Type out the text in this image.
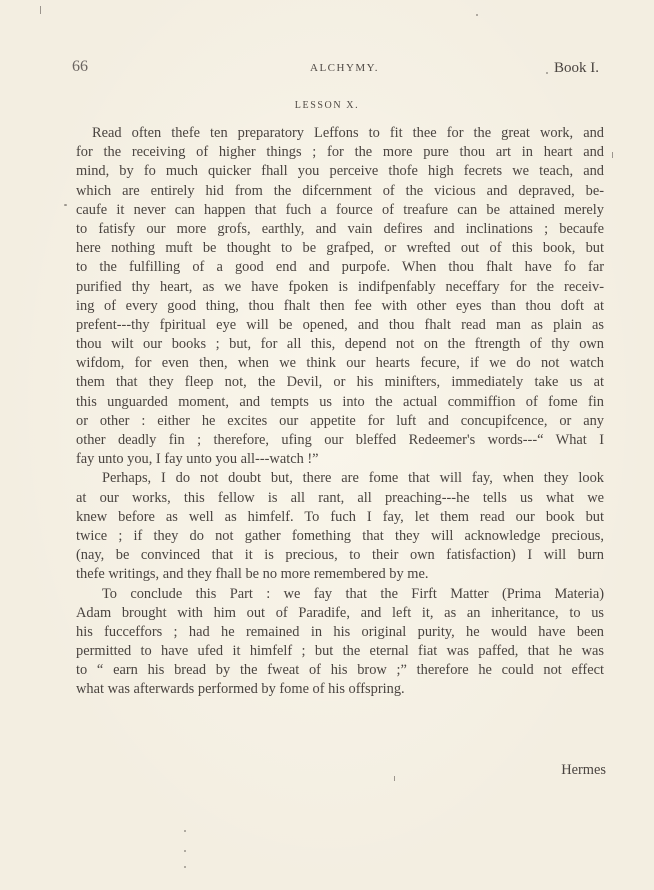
66	ALCHYMY.	Book I.
LESSON X.
Read often thefe ten preparatory Leffons to fit thee for the great work, and
for the receiving of higher things ; for the more pure thou art in heart and
mind, by fo much quicker fhall you perceive thofe high fecrets we teach, and
which are entirely hid from the difcernment of the vicious and depraved, be-
caufe it never can happen that fuch a fource of treafure can be attained merely
to fatisfy our more grofs, earthly, and vain defires and inclinations ; becaufe
here nothing muft be thought to be grafped, or wrefted out of this book, but
to the fulfilling of a good end and purpofe. When thou fhalt have fo far
purified thy heart, as we have fpoken is indifpenfably neceffary for the receiv-
ing of every good thing, thou fhalt then fee with other eyes than thou doft at
prefent---thy fpiritual eye will be opened, and thou fhalt read man as plain as
thou wilt our books ; but, for all this, depend not on the ftrength of thy own
wifdom, for even then, when we think our hearts fecure, if we do not watch
them that they fleep not, the Devil, or his minifters, immediately take us at
this unguarded moment, and tempts us into the actual commiffion of fome fin
or other : either he excites our appetite for luft and concupifcence, or any
other deadly fin ; therefore, ufing our bleffed Redeemer's words---“ What I
fay unto you, I fay unto you all---watch !”
Perhaps, I do not doubt but, there are fome that will fay, when they look
at our works, this fellow is all rant, all preaching---he tells us what we
knew before as well as himfelf. To fuch I fay, let them read our book but
twice ; if they do not gather fomething that they will acknowledge precious,
(nay, be convinced that it is precious, to their own fatisfaction) I will burn
thefe writings, and they fhall be no more remembered by me.
To conclude this Part : we fay that the Firft Matter (Prima Materia)
Adam brought with him out of Paradife, and left it, as an inheritance, to us
his fucceffors ; had he remained in his original purity, he would have been
permitted to have ufed it himfelf ; but the eternal fiat was paffed, that he was
to “ earn his bread by the fweat of his brow ;” therefore he could not effect
what was afterwards performed by fome of his offspring.
Hermes
